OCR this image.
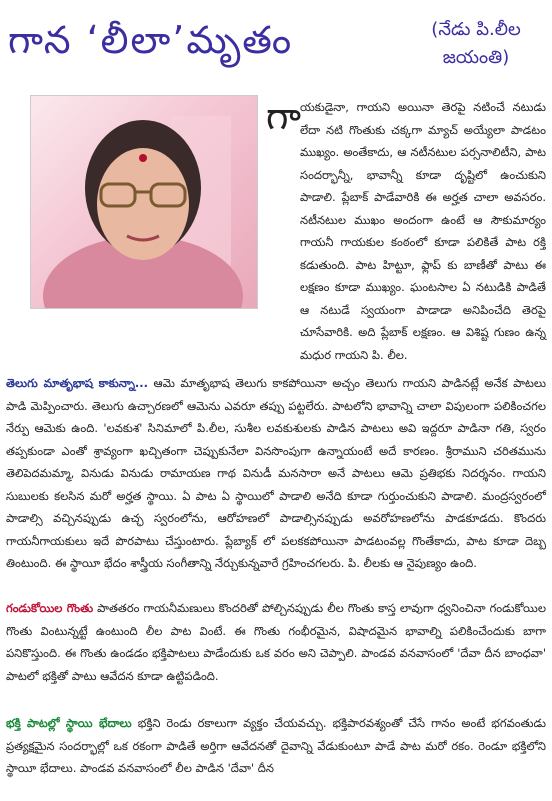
గాన ‘లీలా’మృతం	(నేడు పి.లీల
జయంతి)
గా యకుడైనా, గాయని అయినా తెరపై నటించే నటుడు లేదా నటి గొంతుకు చక్కగా మ్యాచ్ అయ్యేలా పాడటం ముఖ్యం. అంతేకాదు, ఆ నటీనటుల పర్సనాలిటీని, పాట సందర్భాన్నీ, భావాన్నీ కూడా దృష్టిలో ఉంచుకుని పాడాలి. ప్లేబాక్ పాడేవారికి ఈ అర్హత చాలా అవసరం. నటీనటుల ముఖం అందంగా ఉంటే ఆ సౌకుమార్యం గాయనీ గాయకుల కంఠంలో కూడా పలికితే పాట రక్తి కడుతుంది. పాట హిట్టూ, ఫ్లాప్ కు బాణీతో పాటు ఈ లక్షణం కూడా ముఖ్యం. ఘంటసాల ఏ నటుడికి పాడితే ఆ నటుడే స్వయంగా పాడాడా అనిపించేది తెరపై చూసేవారికి. అది ప్లేబాక్ లక్షణం. ఆ విశిష్ట గుణం ఉన్న మధుర గాయని పి. లీల.
తెలుగు మాతృభాష కాకున్నా... ఆమె మాతృభాష తెలుగు కాకపోయినా అచ్చం తెలుగు గాయని పాడినట్లే అనేక పాటలు పాడి మెప్పించారు. తెలుగు ఉచ్చారణలో ఆమెను ఎవరూ తప్పు పట్టలేరు. పాటలోని భావాన్ని చాలా విపులంగా పలికించగల నేర్పు ఆమెకు ఉంది. 'లవకుశ' సినిమాలో పి.లీల, సుశీల లవకుశులకు పాడిన పాటలు అవి ఇద్దరూ పాడినా గతి, స్వరం తప్పకుండా ఎంతో శ్రావ్యంగా ఖచ్చితంగా చెప్పుకునేలా వినసొంపుగా ఉన్నాయంటే అదే కారణం. శ్రీరాముని చరితమును తెలిపెదమమ్మా, వినుడు వినుడు రామాయణ గాథ వినుడీ మనసారా అనే పాటలు ఆమె ప్రతిభకు నిదర్శనం. గాయని సుబులకు కలసిన మరో అర్హత స్థాయి. ఏ పాట ఏ స్థాయిలో పాడాలి అనేది కూడా గుర్తుంచుకుని పాడాలి. మంద్రస్వరంలో పాడాల్సి వచ్చినప్పుడు ఉచ్ఛ స్వరంలోను, ఆరోహణలో పాడాల్సినప్పుడు అవరోహణలోను పాడకూడదు. కొందరు గాయనీగాయకులు ఇదే పొరపాటు చేస్తుంటారు. ప్లేబ్యాక్ లో పలకకపోయినా పాడటంవల్ల గొంతేకాదు, పాట కూడా దెబ్బ తింటుంది. ఈ స్థాయీ భేదం శాస్త్రీయ సంగీతాన్ని నేర్చుకున్నవారే గ్రహించగలరు. పి. లీలకు ఆ నైపుణ్యం ఉంది.
గండుకోయిల గొంతు పాతతరం గాయనీమణులు కొందరితో పోల్చినప్పుడు లీల గొంతు కాస్త లావుగా ధ్వనించినా గండుకోయిల గొంతు వింటున్నట్టే ఉంటుంది లీల పాట వింటే. ఈ గొంతు గంభీరమైన, విషాదమైన భావాల్ని పలికించేందుకు బాగా పనికొస్తుంది. ఈ గొంతు ఉండడం భక్తిపాటలు పాడేందుకు ఒక వరం అని చెప్పాలి. పాండవ వనవాసంలో 'దేవా దీన బాంధవా' పాటలో భక్తితో పాటు ఆవేదన కూడా ఉట్టిపడింది.
భక్తి పాటల్లో స్థాయి భేదాలు భక్తిని రెండు రకాలుగా వ్యక్తం చేయవచ్చు. భక్తిపారవశ్యంతో చేసే గానం అంటే భగవంతుడు ప్రత్యక్షమైన సందర్భాల్లో ఒక రకంగా పాడితే అర్తిగా ఆవేదనతో దైవాన్ని వేడుకుంటూ పాడే పాట మరో రకం. రెండూ భక్తిలోని స్థాయీ భేదాలు. పాండవ వనవాసంలో లీల పాడిన 'దేవా' దీన
